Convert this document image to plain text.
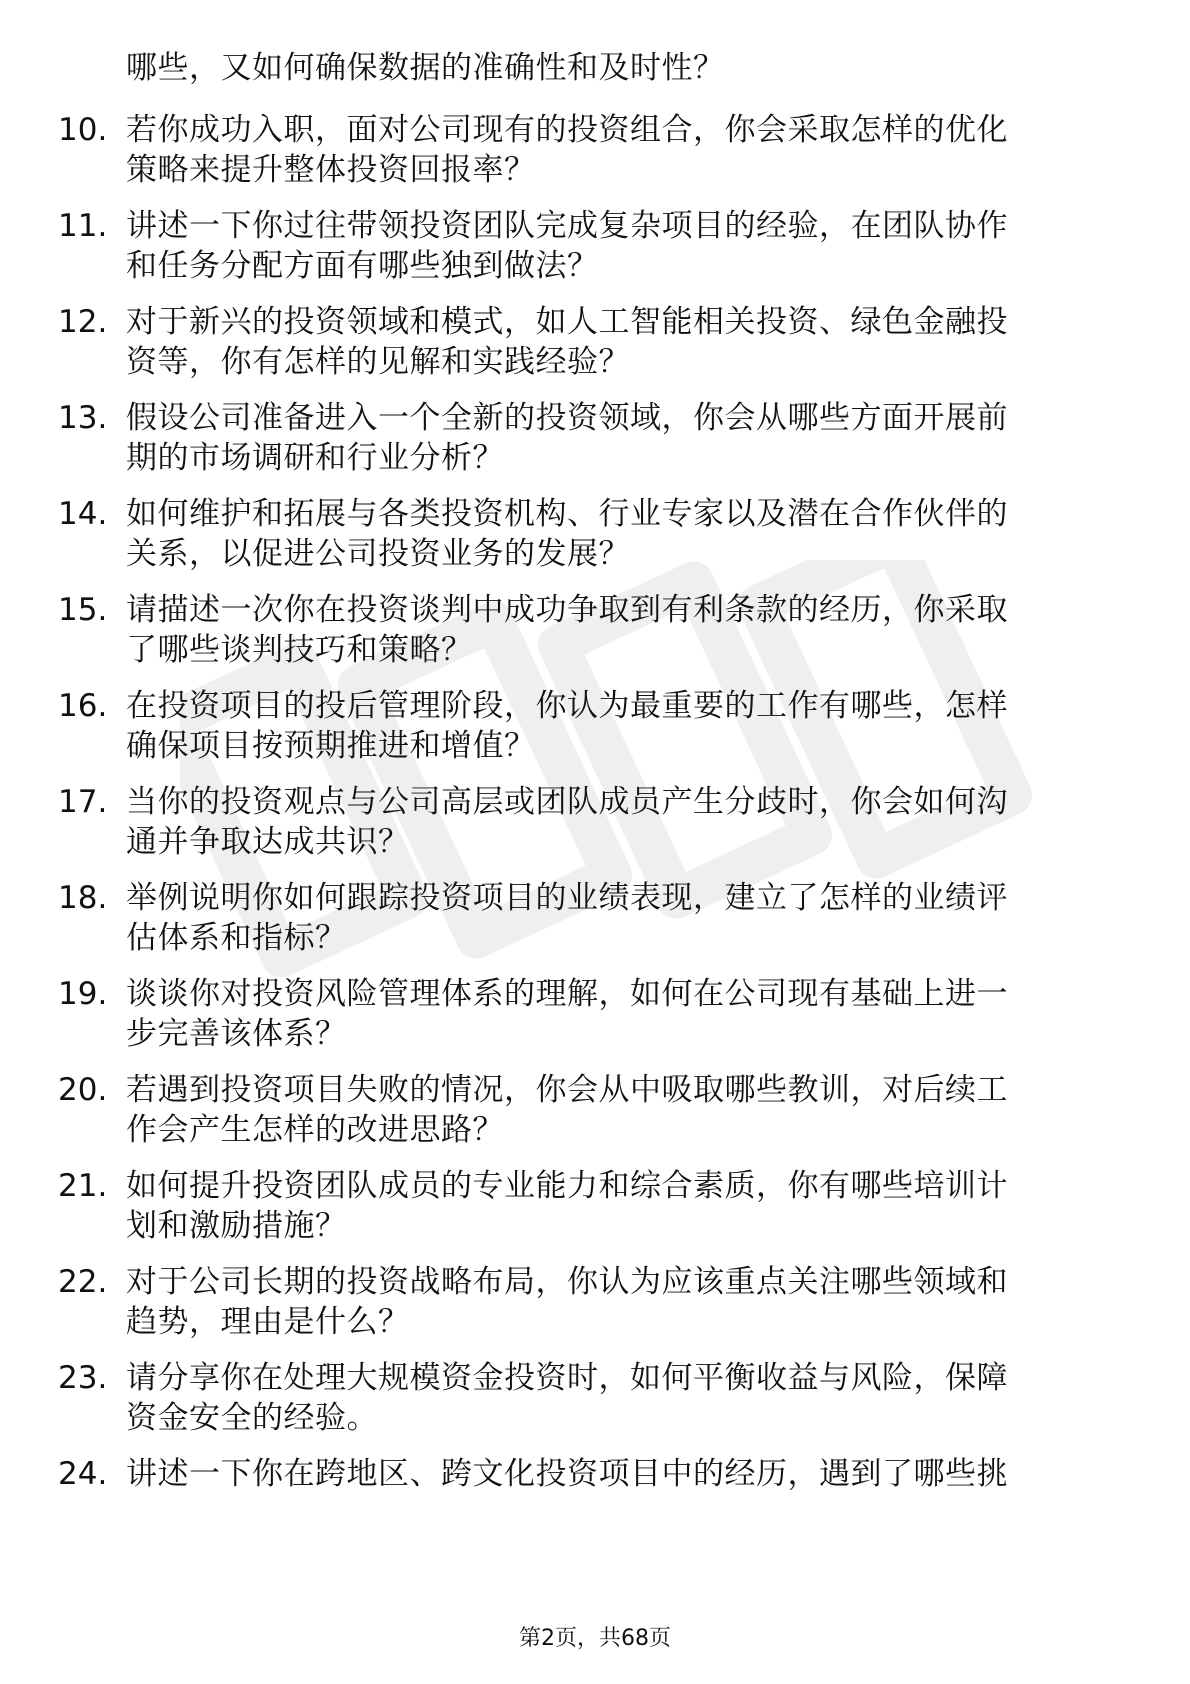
哪些，又如何确保数据的准确性和及时性？
10. 若你成功入职，面对公司现有的投资组合，你会采取怎样的优化
策略来提升整体投资回报率？
11. 讲述一下你过往带领投资团队完成复杂项目的经验，在团队协作
和任务分配方面有哪些独到做法？
12. 对于新兴的投资领域和模式，如人工智能相关投资、绿色金融投
资等，你有怎样的见解和实践经验？
13. 假设公司准备进入一个全新的投资领域，你会从哪些方面开展前
期的市场调研和行业分析？
14. 如何维护和拓展与各类投资机构、行业专家以及潜在合作伙伴的
关系，以促进公司投资业务的发展？
15. 请描述一次你在投资谈判中成功争取到有利条款的经历，你采取
了哪些谈判技巧和策略？
16. 在投资项目的投后管理阶段，你认为最重要的工作有哪些，怎样
确保项目按预期推进和增值？
17. 当你的投资观点与公司高层或团队成员产生分歧时，你会如何沟
通并争取达成共识？
18. 举例说明你如何跟踪投资项目的业绩表现，建立了怎样的业绩评
估体系和指标？
19. 谈谈你对投资风险管理体系的理解，如何在公司现有基础上进一
步完善该体系？
20. 若遇到投资项目失败的情况，你会从中吸取哪些教训，对后续工
作会产生怎样的改进思路？
21. 如何提升投资团队成员的专业能力和综合素质，你有哪些培训计
划和激励措施？
22. 对于公司长期的投资战略布局，你认为应该重点关注哪些领域和
趋势，理由是什么？
23. 请分享你在处理大规模资金投资时，如何平衡收益与风险，保障
资金安全的经验。
24. 讲述一下你在跨地区、跨文化投资项目中的经历，遇到了哪些挑
第2页，共68页
